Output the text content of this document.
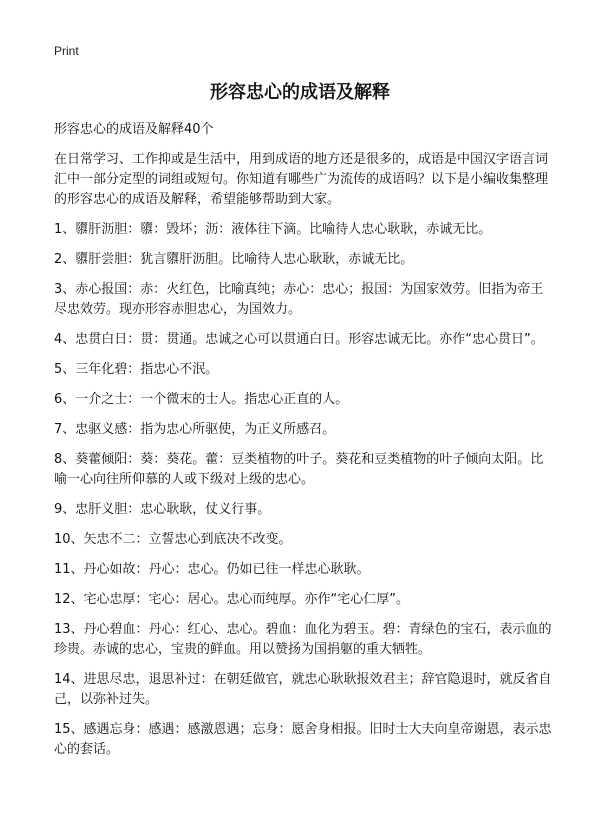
Print
形容忠心的成语及解释

形容忠心的成语及解释40个

在日常学习、工作抑或是生活中，用到成语的地方还是很多的，成语是中国汉字语言词汇中一部分定型的词组或短句。你知道有哪些广为流传的成语吗？以下是小编收集整理的形容忠心的成语及解释，希望能够帮助到大家。

1、隳肝沥胆：隳：毁坏；沥：液体往下滴。比喻待人忠心耿耿，赤诚无比。

2、隳肝尝胆：犹言隳肝沥胆。比喻待人忠心耿耿，赤诚无比。

3、赤心报国：赤：火红色，比喻真纯；赤心：忠心；报国：为国家效劳。旧指为帝王尽忠效劳。现亦形容赤胆忠心，为国效力。

4、忠贯白日：贯：贯通。忠诚之心可以贯通白日。形容忠诚无比。亦作“忠心贯日”。

5、三年化碧：指忠心不泯。

6、一介之士：一个微末的士人。指忠心正直的人。

7、忠驱义感：指为忠心所驱使，为正义所感召。

8、葵藿倾阳：葵：葵花。藿：豆类植物的叶子。葵花和豆类植物的叶子倾向太阳。比喻一心向往所仰慕的人或下级对上级的忠心。

9、忠肝义胆：忠心耿耿，仗义行事。

10、矢忠不二：立誓忠心到底决不改变。

11、丹心如故：丹心：忠心。仍如已往一样忠心耿耿。

12、宅心忠厚：宅心：居心。忠心而纯厚。亦作“宅心仁厚”。

13、丹心碧血：丹心：红心、忠心。碧血：血化为碧玉。碧：青绿色的宝石，表示血的珍贵。赤诚的忠心，宝贵的鲜血。用以赞扬为国捐躯的重大牺牲。

14、进思尽忠，退思补过：在朝廷做官，就忠心耿耿报效君主；辞官隐退时，就反省自己，以弥补过失。

15、感遇忘身：感遇：感激恩遇；忘身：愿舍身相报。旧时士大夫向皇帝谢恩，表示忠心的套话。
